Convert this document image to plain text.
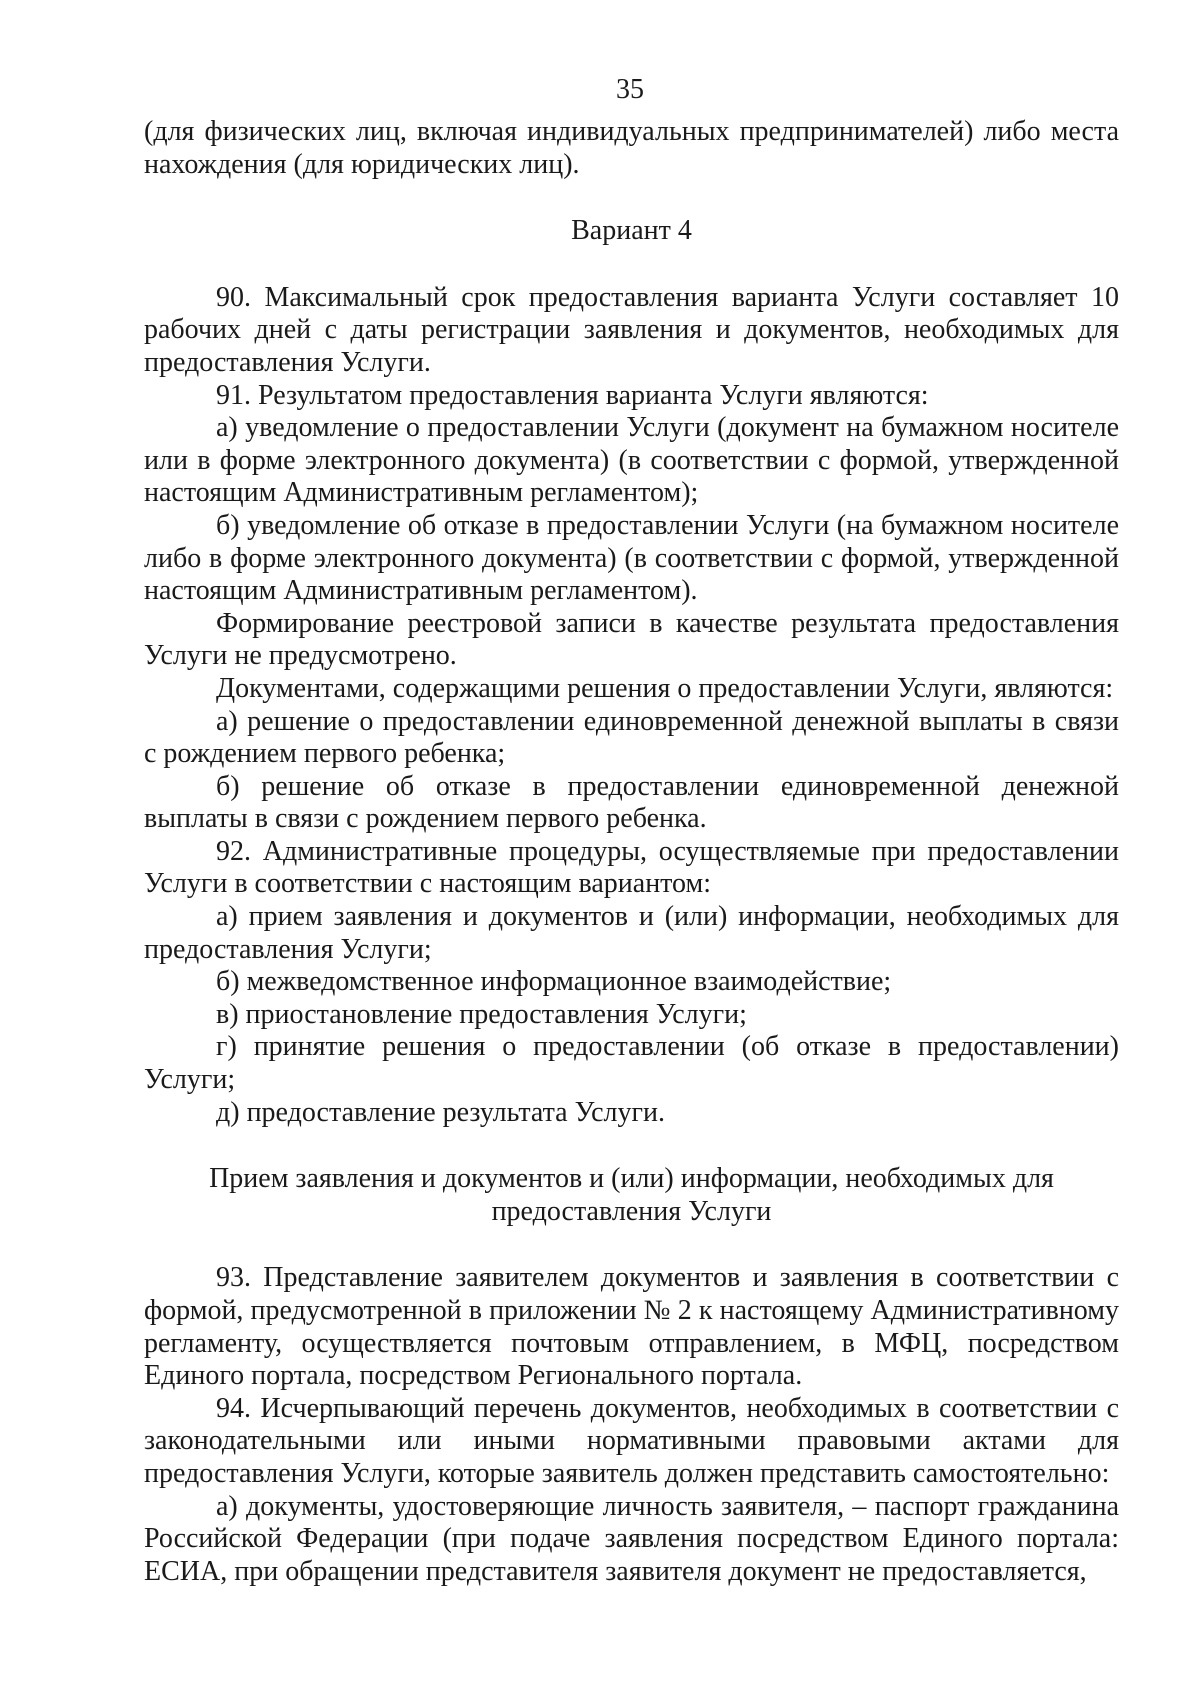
35

(для физических лиц, включая индивидуальных предприниматeлей) либо места нахождения (для юридических лиц).

Вариант 4

90. Максимальный срок предоставления варианта Услуги составляет 10 рабочих дней с даты регистрации заявления и документов, необходимых для предоставления Услуги.

91. Результатом предоставления варианта Услуги являются:

а) уведомление о предоставлении Услуги (документ на бумажном носителе или в форме электронного документа) (в соответствии с формой, утвержденной настоящим Административным регламентом);

б) уведомление об отказе в предоставлении Услуги (на бумажном носителе либо в форме электронного документа) (в соответствии с формой, утвержденной настоящим Административным регламентом).

Формирование реестровой записи в качестве результата предоставления Услуги не предусмотрено.

Документами, содержащими решения о предоставлении Услуги, являются:

а) решение о предоставлении единовременной денежной выплаты в связи с рождением первого ребенка;

б) решение об отказе в предоставлении единовременной денежной выплаты в связи с рождением первого ребенка.

92. Административные процедуры, осуществляемые при предоставлении Услуги в соответствии с настоящим вариантом:

а) прием заявления и документов и (или) информации, необходимых для предоставления Услуги;

б) межведомственное информационное взаимодействие;

в) приостановление предоставления Услуги;

г) принятие решения о предоставлении (об отказе в предоставлении) Услуги;

д) предоставление результата Услуги.

Прием заявления и документов и (или) информации, необходимых для

предоставления Услуги

93. Представление заявителем документов и заявления в соответствии с формой, предусмотренной в приложении № 2 к настоящему Административному регламенту, осуществляется почтовым отправлением, в МФЦ, посредством Единого портала, посредством Регионального портала.

94. Исчерпывающий перечень документов, необходимых в соответствии с законодательными или иными нормативными правовыми актами для предоставления Услуги, которые заявитель должен представить самостоятельно:

а) документы, удостоверяющие личность заявителя, – паспорт гражданина Российской Федерации (при подаче заявления посредством Единого портала: ЕСИА, при обращении представителя заявителя документ не предоставляется,
